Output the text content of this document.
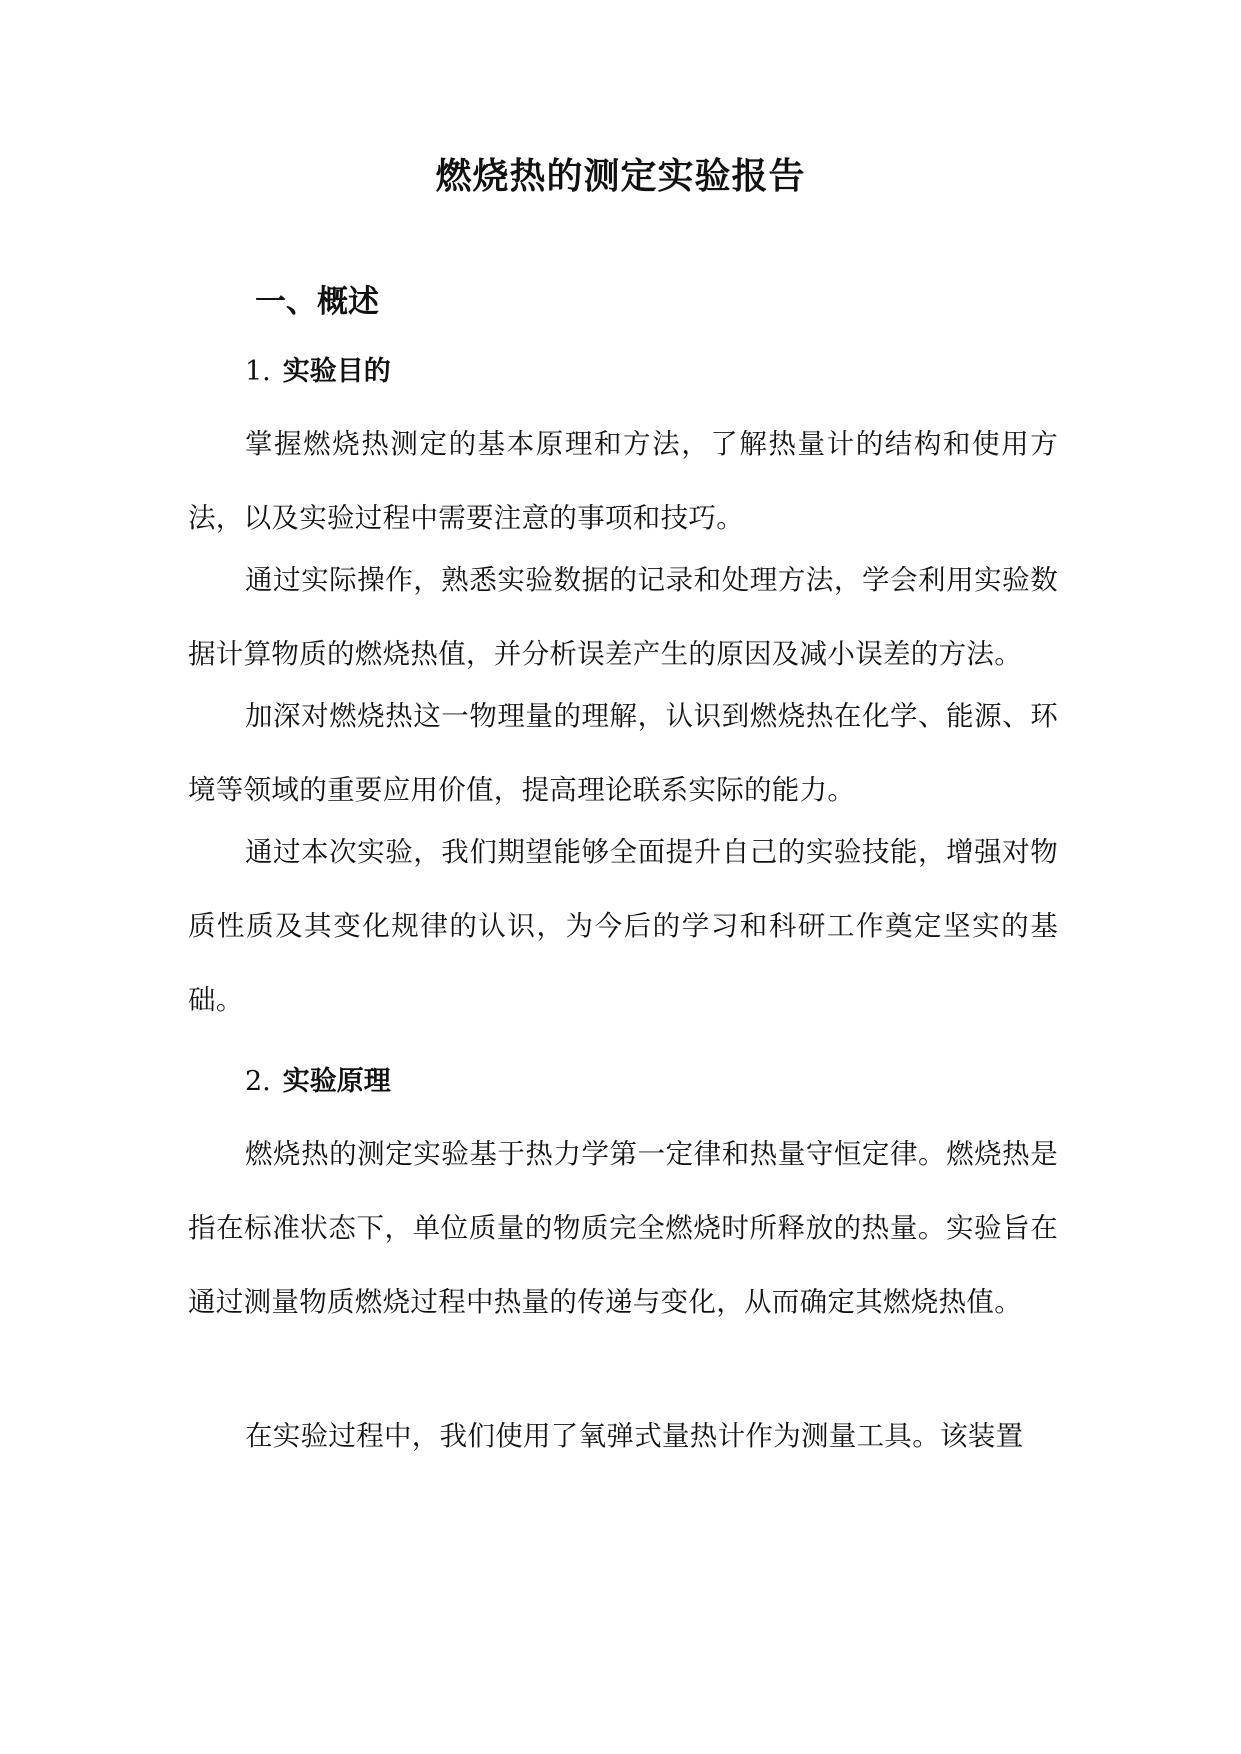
燃烧热的测定实验报告
一、概述
1. 实验目的

掌握燃烧热测定的基本原理和方法，了解热量计的结构和使用方法，以及实验过程中需要注意的事项和技巧。

通过实际操作，熟悉实验数据的记录和处理方法，学会利用实验数据计算物质的燃烧热值，并分析误差产生的原因及减小误差的方法。

加深对燃烧热这一物理量的理解，认识到燃烧热在化学、能源、环境等领域的重要应用价值，提高理论联系实际的能力。

通过本次实验，我们期望能够全面提升自己的实验技能，增强对物质性质及其变化规律的认识，为今后的学习和科研工作奠定坚实的基础。

2. 实验原理

燃烧热的测定实验基于热力学第一定律和热量守恒定律。燃烧热是指在标准状态下，单位质量的物质完全燃烧时所释放的热量。实验旨在通过测量物质燃烧过程中热量的传递与变化，从而确定其燃烧热值。

在实验过程中，我们使用了氧弹式量热计作为测量工具。该装置
